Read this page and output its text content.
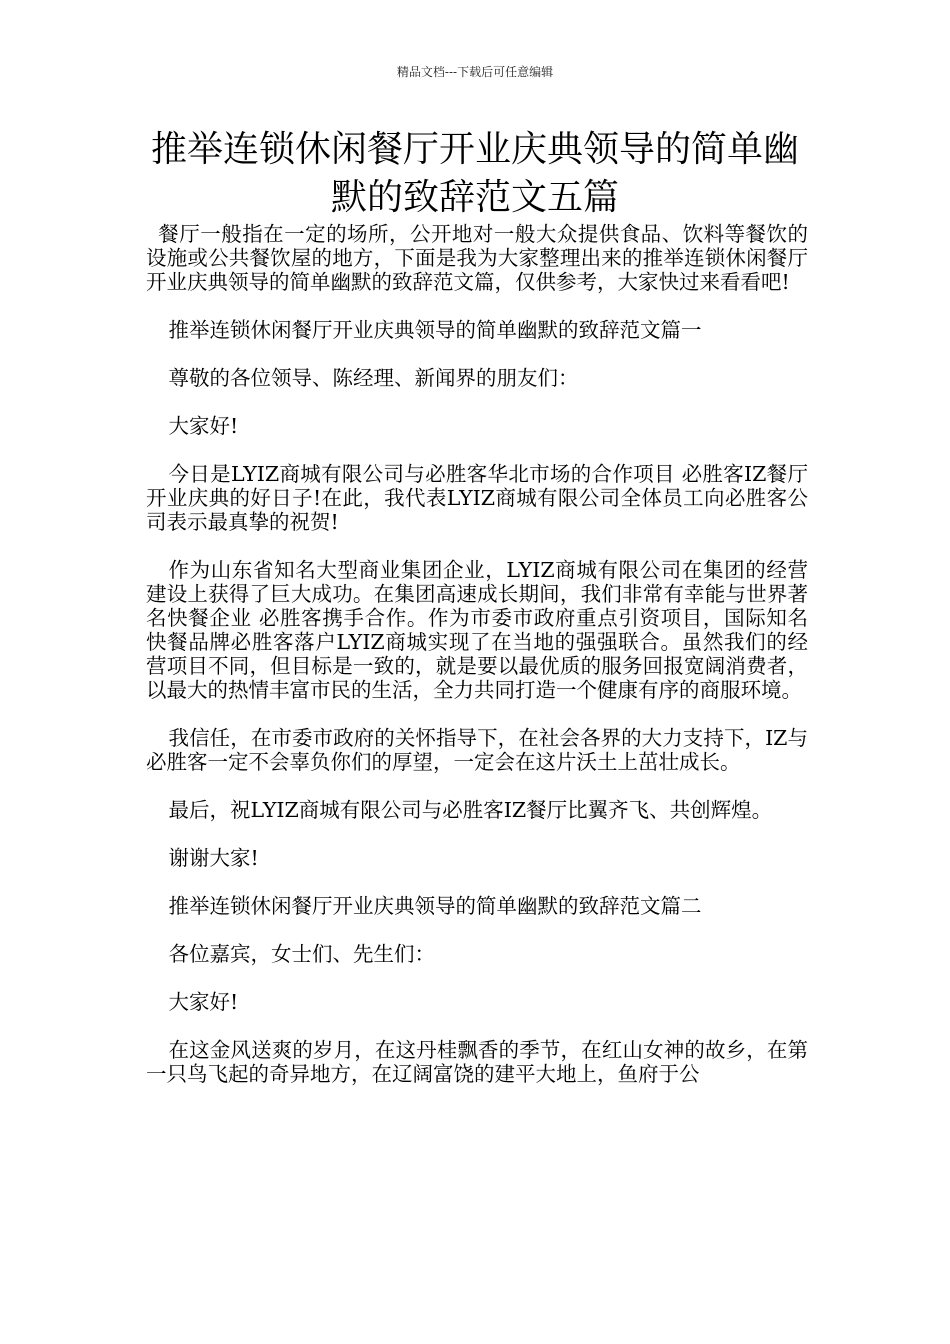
精品文档---下载后可任意编辑
推举连锁休闲餐厅开业庆典领导的简单幽默的致辞范文五篇

餐厅一般指在一定的场所，公开地对一般大众提供食品、饮料等餐饮的设施或公共餐饮屋的地方，下面是我为大家整理出来的推举连锁休闲餐厅开业庆典领导的简单幽默的致辞范文篇，仅供参考，大家快过来看看吧!

推举连锁休闲餐厅开业庆典领导的简单幽默的致辞范文篇一

尊敬的各位领导、陈经理、新闻界的朋友们：

大家好!

今日是LYIZ商城有限公司与必胜客华北市场的合作项目 必胜客IZ餐厅开业庆典的好日子!在此，我代表LYIZ商城有限公司全体员工向必胜客公司表示最真挚的祝贺!

作为山东省知名大型商业集团企业，LYIZ商城有限公司在集团的经营建设上获得了巨大成功。在集团高速成长期间，我们非常有幸能与世界著名快餐企业 必胜客携手合作。作为市委市政府重点引资项目，国际知名快餐品牌必胜客落户LYIZ商城实现了在当地的强强联合。虽然我们的经营项目不同，但目标是一致的，就是要以最优质的服务回报宽阔消费者，以最大的热情丰富市民的生活，全力共同打造一个健康有序的商服环境。

我信任，在市委市政府的关怀指导下，在社会各界的大力支持下，IZ与必胜客一定不会辜负你们的厚望，一定会在这片沃土上茁壮成长。

最后，祝LYIZ商城有限公司与必胜客IZ餐厅比翼齐飞、共创辉煌。

谢谢大家!

推举连锁休闲餐厅开业庆典领导的简单幽默的致辞范文篇二

各位嘉宾，女士们、先生们：

大家好!

在这金风送爽的岁月，在这丹桂飘香的季节，在红山女神的故乡，在第一只鸟飞起的奇异地方，在辽阔富饶的建平大地上，鱼府于公
